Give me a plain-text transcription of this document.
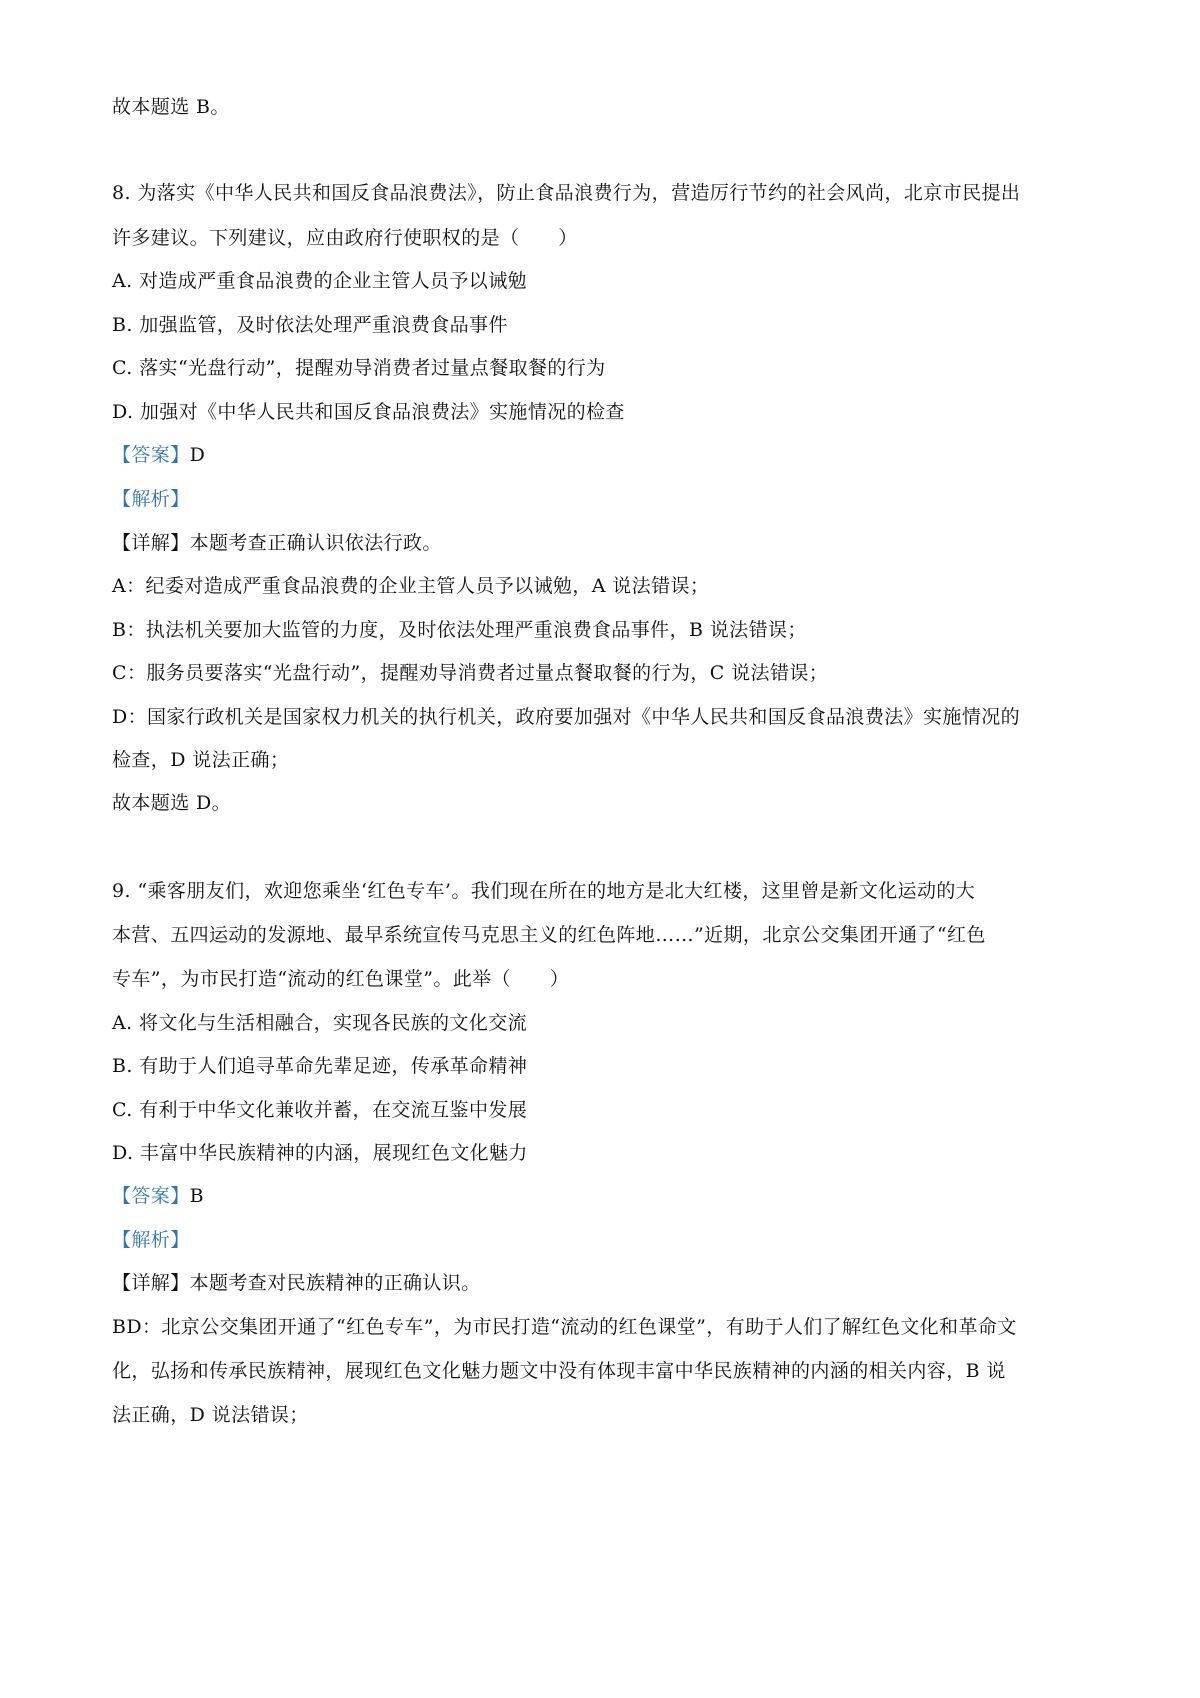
故本题选 B。
8. 为落实《中华人民共和国反食品浪费法》，防止食品浪费行为，营造厉行节约的社会风尚，北京市民提出
许多建议。下列建议，应由政府行使职权的是（　　）
A. 对造成严重食品浪费的企业主管人员予以诫勉
B. 加强监管，及时依法处理严重浪费食品事件
C. 落实“光盘行动”，提醒劝导消费者过量点餐取餐的行为
D. 加强对《中华人民共和国反食品浪费法》实施情况的检查
【答案】D
【解析】
【详解】本题考查正确认识依法行政。
A：纪委对造成严重食品浪费的企业主管人员予以诫勉，A 说法错误；
B：执法机关要加大监管的力度，及时依法处理严重浪费食品事件，B 说法错误；
C：服务员要落实“光盘行动”，提醒劝导消费者过量点餐取餐的行为，C 说法错误；
D：国家行政机关是国家权力机关的执行机关，政府要加强对《中华人民共和国反食品浪费法》实施情况的
检查，D 说法正确；
故本题选 D。
9. “乘客朋友们，欢迎您乘坐‘红色专车’。我们现在所在的地方是北大红楼，这里曾是新文化运动的大
本营、五四运动的发源地、最早系统宣传马克思主义的红色阵地……”近期，北京公交集团开通了“红色
专车”，为市民打造“流动的红色课堂”。此举（　　）
A. 将文化与生活相融合，实现各民族的文化交流
B. 有助于人们追寻革命先辈足迹，传承革命精神
C. 有利于中华文化兼收并蓄，在交流互鉴中发展
D. 丰富中华民族精神的内涵，展现红色文化魅力
【答案】B
【解析】
【详解】本题考查对民族精神的正确认识。
BD：北京公交集团开通了“红色专车”，为市民打造“流动的红色课堂”，有助于人们了解红色文化和革命文
化，弘扬和传承民族精神，展现红色文化魅力题文中没有体现丰富中华民族精神的内涵的相关内容，B 说
法正确，D 说法错误；
